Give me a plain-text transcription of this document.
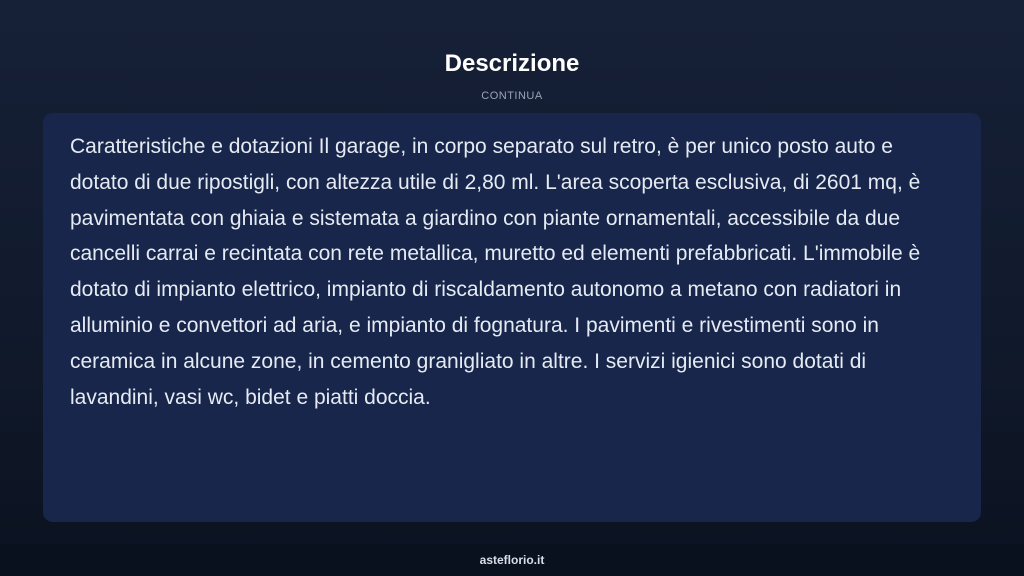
Descrizione
CONTINUA

Caratteristiche e dotazioni Il garage, in corpo separato sul retro, è per unico posto auto e dotato di due ripostigli, con altezza utile di 2,80 ml. L'area scoperta esclusiva, di 2601 mq, è pavimentata con ghiaia e sistemata a giardino con piante ornamentali, accessibile da due cancelli carrai e recintata con rete metallica, muretto ed elementi prefabbricati. L'immobile è dotato di impianto elettrico, impianto di riscaldamento autonomo a metano con radiatori in alluminio e convettori ad aria, e impianto di fognatura. I pavimenti e rivestimenti sono in ceramica in alcune zone, in cemento granigliato in altre. I servizi igienici sono dotati di lavandini, vasi wc, bidet e piatti doccia.

asteflorio.it
